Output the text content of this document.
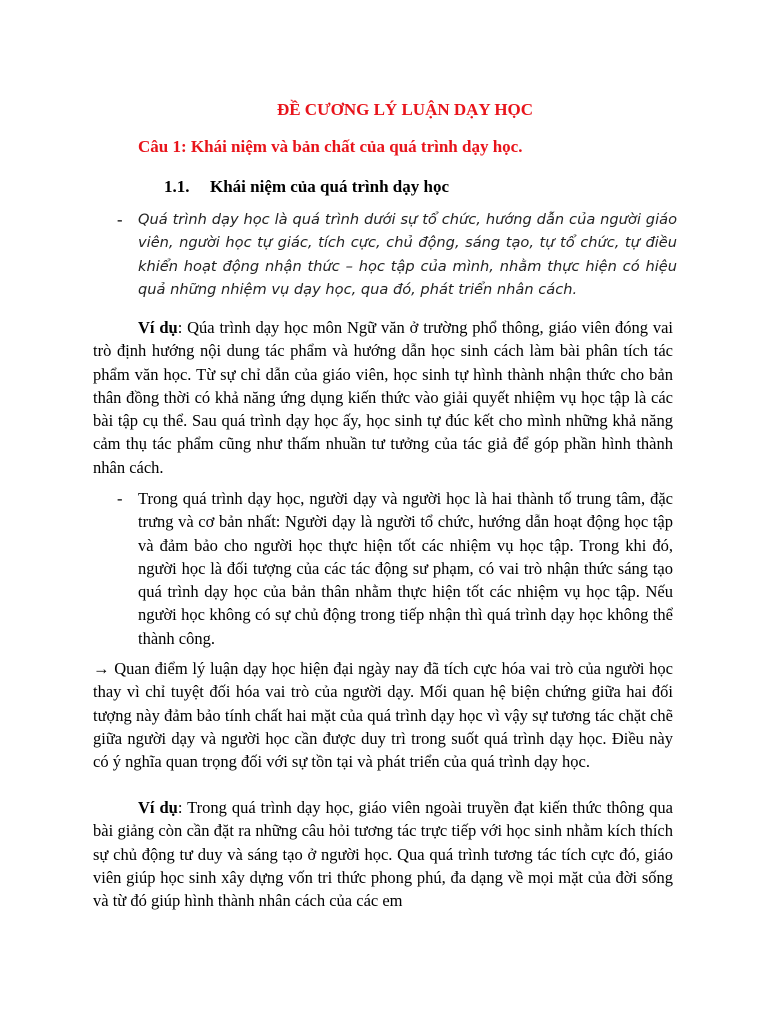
ĐỀ CƯƠNG LÝ LUẬN DẠY HỌC
Câu 1: Khái niệm và bản chất của quá trình dạy học.
1.1.	Khái niệm của quá trình dạy học
-	Quá trình dạy học là quá trình dưới sự tổ chức, hướng dẫn của người giáo viên, người học tự giác, tích cực, chủ động, sáng tạo, tự tổ chức, tự điều khiển hoạt động nhận thức – học tập của mình, nhằm thực hiện có hiệu quả những nhiệm vụ dạy học, qua đó, phát triển nhân cách.

Ví dụ: Qúa trình dạy học môn Ngữ văn ở trường phổ thông, giáo viên đóng vai trò định hướng nội dung tác phẩm và hướng dẫn học sinh cách làm bài phân tích tác phẩm văn học. Từ sự chỉ dẫn của giáo viên, học sinh tự hình thành nhận thức cho bản thân đồng thời có khả năng ứng dụng kiến thức vào giải quyết nhiệm vụ học tập là các bài tập cụ thể. Sau quá trình dạy học ấy, học sinh tự đúc kết cho mình những khả năng cảm thụ tác phẩm cũng như thấm nhuần tư tưởng của tác giả để góp phần hình thành nhân cách.

- Trong quá trình dạy học, người dạy và người học là hai thành tố trung tâm, đặc trưng và cơ bản nhất: Người dạy là người tổ chức, hướng dẫn hoạt động học tập và đảm bảo cho người học thực hiện tốt các nhiệm vụ học tập. Trong khi đó, người học là đối tượng của các tác động sư phạm, có vai trò nhận thức sáng tạo quá trình dạy học của bản thân nhằm thực hiện tốt các nhiệm vụ học tập. Nếu người học không có sự chủ động trong tiếp nhận thì quá trình dạy học không thể thành công.

→ Quan điểm lý luận dạy học hiện đại ngày nay đã tích cực hóa vai trò của người học thay vì chỉ tuyệt đối hóa vai trò của người dạy. Mối quan hệ biện chứng giữa hai đối tượng này đảm bảo tính chất hai mặt của quá trình dạy học vì vậy sự tương tác chặt chẽ giữa người dạy và người học cần được duy trì trong suốt quá trình dạy học. Điều này có ý nghĩa quan trọng đối với sự tồn tại và phát triển của quá trình dạy học.

Ví dụ: Trong quá trình dạy học, giáo viên ngoài truyền đạt kiến thức thông qua bài giảng còn cần đặt ra những câu hỏi tương tác trực tiếp với học sinh nhằm kích thích sự chủ động tư duy và sáng tạo ở người học. Qua quá trình tương tác tích cực đó, giáo viên giúp học sinh xây dựng vốn tri thức phong phú, đa dạng về mọi mặt của đời sống và từ đó giúp hình thành nhân cách của các em
